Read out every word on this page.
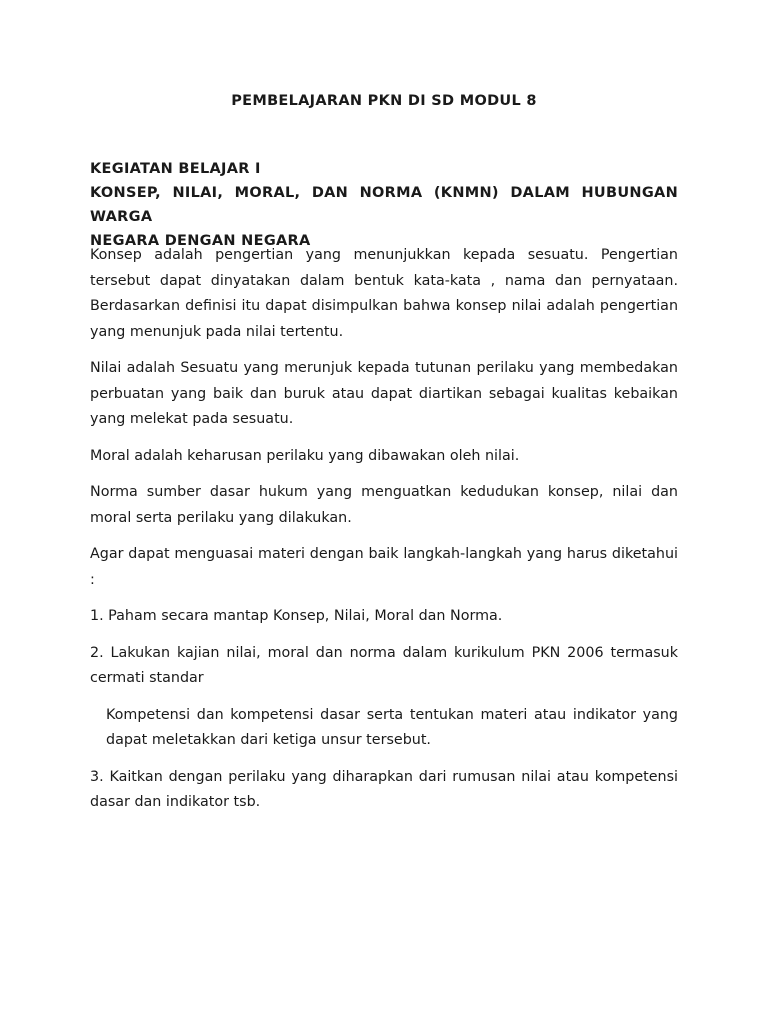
PEMBELAJARAN PKN DI SD MODUL 8
KEGIATAN BELAJAR I
KONSEP, NILAI, MORAL, DAN NORMA (KNMN) DALAM HUBUNGAN WARGA
NEGARA DENGAN NEGARA

Konsep adalah pengertian yang menunjukkan kepada sesuatu. Pengertian tersebut dapat dinyatakan dalam bentuk kata-kata , nama dan pernyataan. Berdasarkan definisi itu dapat disimpulkan bahwa konsep nilai adalah pengertian yang menunjuk pada nilai tertentu.

Nilai adalah Sesuatu yang merunjuk kepada tutunan perilaku yang membedakan perbuatan yang baik dan buruk atau dapat diartikan sebagai kualitas kebaikan yang melekat pada sesuatu.

Moral adalah keharusan perilaku yang dibawakan oleh nilai.

Norma sumber dasar hukum yang menguatkan kedudukan konsep, nilai dan moral serta perilaku yang dilakukan.

Agar dapat menguasai materi dengan baik langkah-langkah yang harus diketahui :

1. Paham secara mantap Konsep, Nilai, Moral dan Norma.

2. Lakukan kajian nilai, moral dan norma dalam kurikulum PKN 2006 termasuk cermati standar

Kompetensi dan kompetensi dasar serta tentukan materi atau indikator yang dapat meletakkan dari ketiga unsur tersebut.

3. Kaitkan dengan perilaku yang diharapkan dari rumusan nilai atau kompetensi dasar dan indikator tsb.
